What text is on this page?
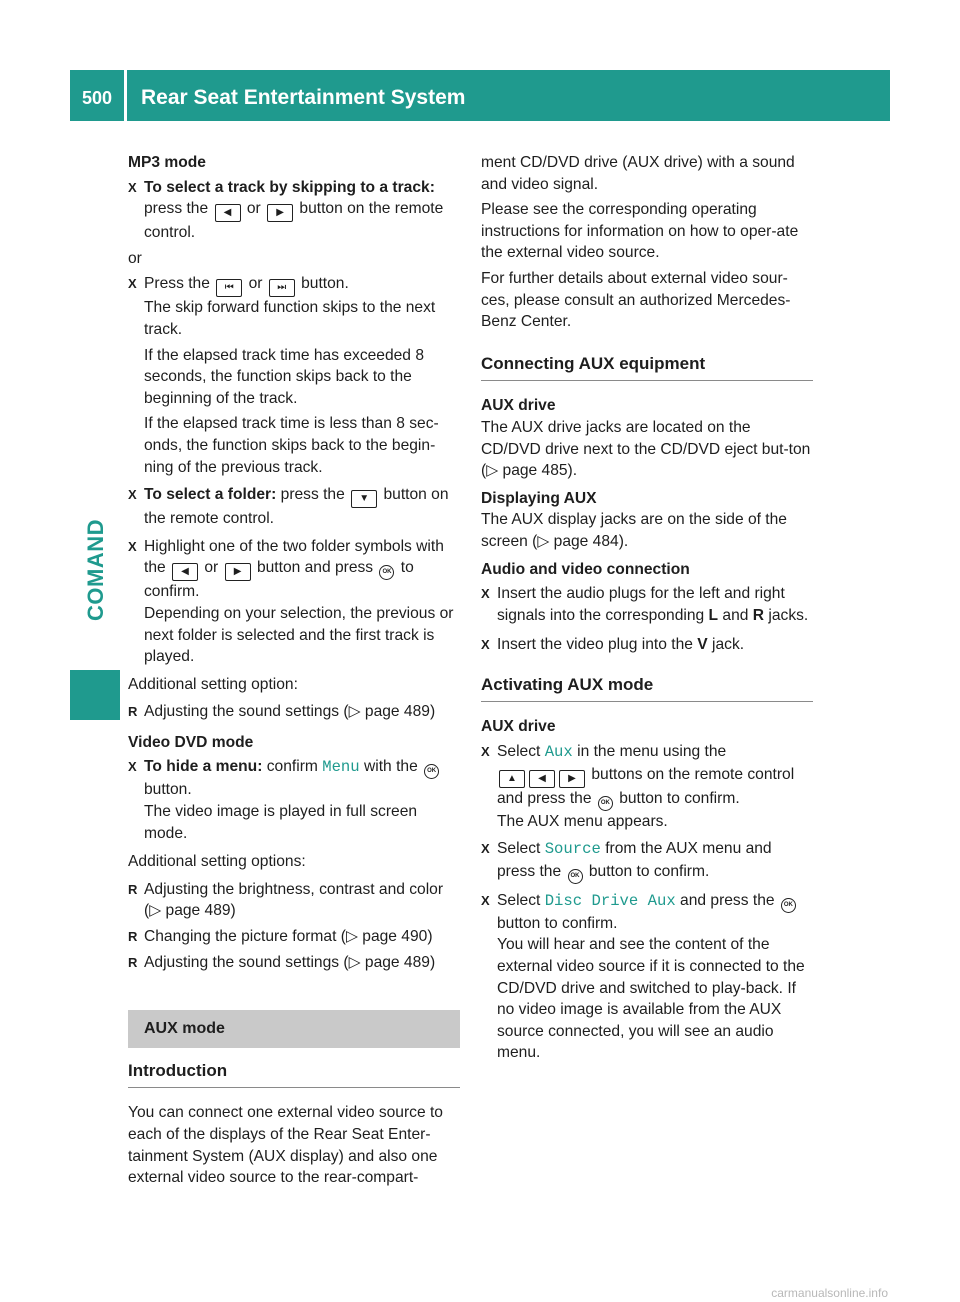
500 Rear Seat Entertainment System
COMAND

MP3 mode

X To select a track by skipping to a track:
press the ◀ or ▶ button on the remote control.

or

X Press the ⏮ or ⏭ button.

The skip forward function skips to the next track.

If the elapsed track time has exceeded 8 seconds, the function skips back to the beginning of the track.

If the elapsed track time is less than 8 sec-onds, the function skips back to the begin-ning of the previous track.

X To select a folder: press the ▼ button on the remote control.
X Highlight one of the two folder symbols with the ◀ or ▶ button and press OK to confirm.

Depending on your selection, the previous or next folder is selected and the first track is played.

Additional setting option:

R Adjusting the sound settings (▷ page 489)

Video DVD mode

X To hide a menu: confirm Menu with the OK
button.

The video image is played in full screen mode.

Additional setting options:

R Adjusting the brightness, contrast and color (▷ page 489)
R Changing the picture format (▷ page 490)
R Adjusting the sound settings (▷ page 489)
AUX mode

Introduction

You can connect one external video source to each of the displays of the Rear Seat Enter-tainment System (AUX display) and also one external video source to the rear-compart-

ment CD/DVD drive (AUX drive) with a sound and video signal.

Please see the corresponding operating instructions for information on how to oper-ate the external video source.

For further details about external video sour-ces, please consult an authorized Mercedes-Benz Center.

Connecting AUX equipment

AUX drive

The AUX drive jacks are located on the CD/DVD drive next to the CD/DVD eject but-ton (▷ page 485).

Displaying AUX

The AUX display jacks are on the side of the screen (▷ page 484).

Audio and video connection

X Insert the audio plugs for the left and right signals into the corresponding L and R jacks.
X Insert the video plug into the V jack.

Activating AUX mode

AUX drive

X Select Aux in the menu using the
▲ ◀ ▶ buttons on the remote control and press the OK button to confirm.

The AUX menu appears.

X Select Source from the AUX menu and press the OK button to confirm.
X Select Disc Drive Aux and press the OK
button to confirm.

You will hear and see the content of the external video source if it is connected to the CD/DVD drive and switched to play-back. If no video image is available from the AUX source connected, you will see an audio menu.

carmanualsonline.info
